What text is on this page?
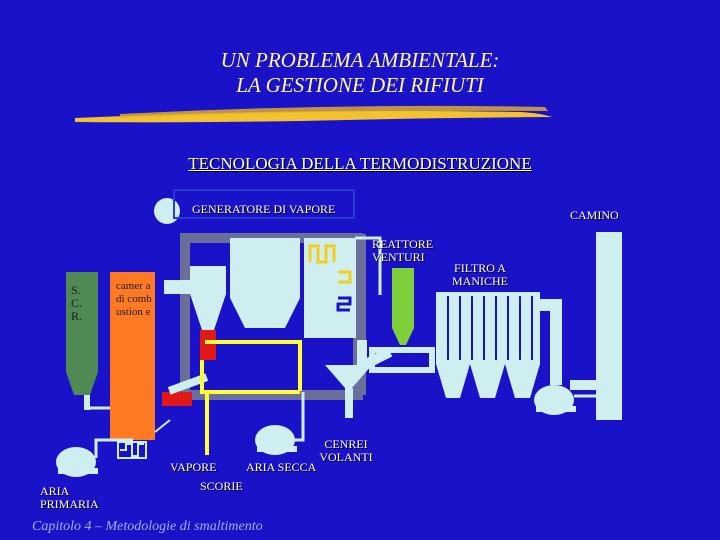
UN PROBLEMA AMBIENTALE:
LA GESTIONE DEI RIFIUTI
GENERATORE DI VAPORE	CAMINO
REATTORE VENTURI
FILTRO A MANICHE
S. C. R.
camer a di comb ustion e
CENREI VOLANTI
VAPORE ARIA SECCA
SCORIE
ARIA PRIMARIA
TECNOLOGIA DELLA TERMODISTRUZIONE
Capitolo 4 – Metodologie di smaltimento
